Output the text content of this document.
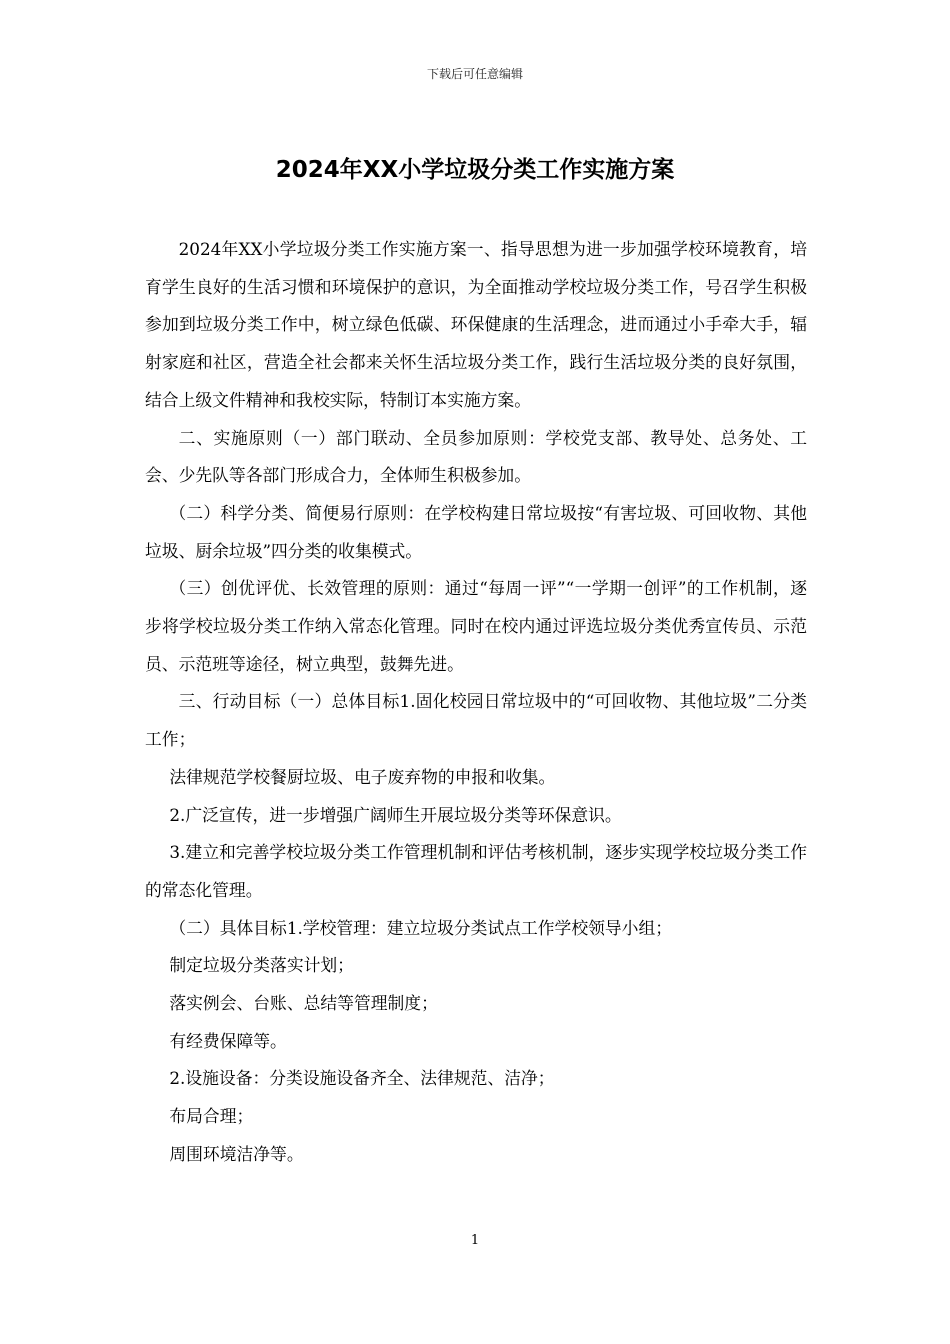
下载后可任意编辑
2024年XX小学垃圾分类工作实施方案

2024年XX小学垃圾分类工作实施方案一、指导思想为进一步加强学校环境教育，培育学生良好的生活习惯和环境保护的意识，为全面推动学校垃圾分类工作，号召学生积极参加到垃圾分类工作中，树立绿色低碳、环保健康的生活理念，进而通过小手牵大手，辐射家庭和社区，营造全社会都来关怀生活垃圾分类工作，践行生活垃圾分类的良好氛围，结合上级文件精神和我校实际，特制订本实施方案。

二、实施原则（一）部门联动、全员参加原则：学校党支部、教导处、总务处、工会、少先队等各部门形成合力，全体师生积极参加。

（二）科学分类、简便易行原则：在学校构建日常垃圾按“有害垃圾、可回收物、其他垃圾、厨余垃圾”四分类的收集模式。

（三）创优评优、长效管理的原则：通过“每周一评”“一学期一创评”的工作机制，逐步将学校垃圾分类工作纳入常态化管理。同时在校内通过评选垃圾分类优秀宣传员、示范员、示范班等途径，树立典型，鼓舞先进。

三、行动目标（一）总体目标1.固化校园日常垃圾中的“可回收物、其他垃圾”二分类工作；

法律规范学校餐厨垃圾、电子废弃物的申报和收集。

2.广泛宣传，进一步增强广阔师生开展垃圾分类等环保意识。

3.建立和完善学校垃圾分类工作管理机制和评估考核机制，逐步实现学校垃圾分类工作的常态化管理。

（二）具体目标1.学校管理：建立垃圾分类试点工作学校领导小组；

制定垃圾分类落实计划；

落实例会、台账、总结等管理制度；

有经费保障等。

2.设施设备：分类设施设备齐全、法律规范、洁净；

布局合理；

周围环境洁净等。

1
